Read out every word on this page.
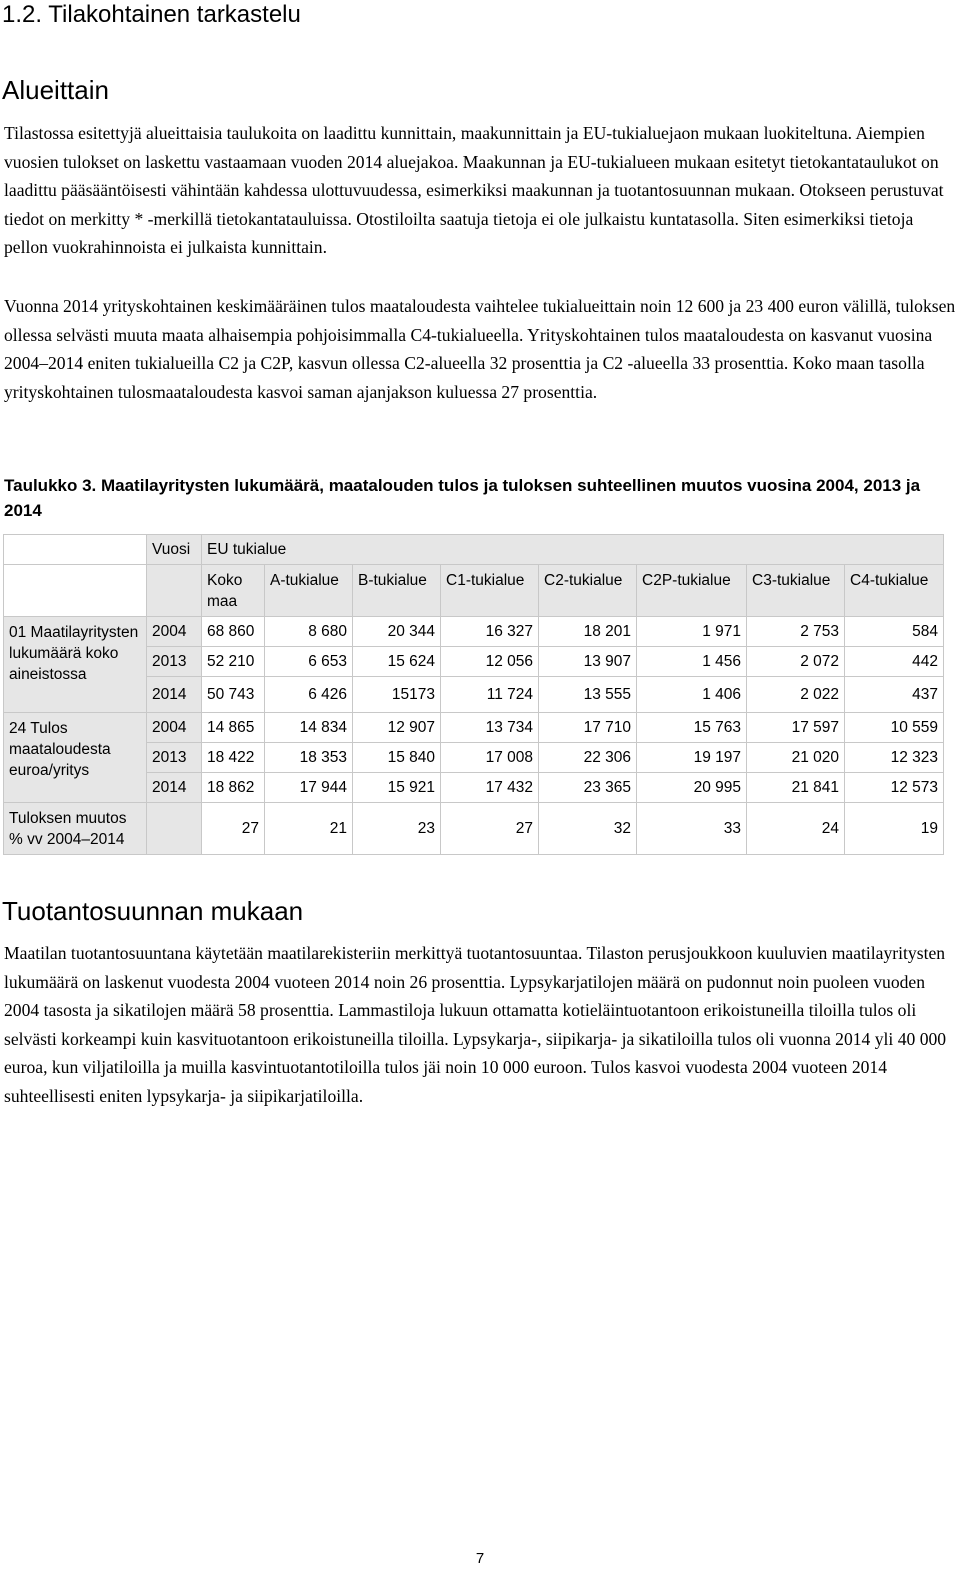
1.2. Tilakohtainen tarkastelu
Alueittain

Tilastossa esitettyjä alueittaisia taulukoita on laadittu kunnittain, maakunnittain ja EU-tukialuejaon mukaan luokiteltuna. Aiempien vuosien tulokset on laskettu vastaamaan vuoden 2014 aluejakoa. Maakunnan ja EU-tukialueen mukaan esitetyt tietokantataulukot on laadittu pääsääntöisesti vähintään kahdessa ulottuvuudessa, esimerkiksi maakunnan ja tuotantosuunnan mukaan. Otokseen perustuvat tiedot on merkitty * -merkillä tietokantatauluissa. Otostiloilta saatuja tietoja ei ole julkaistu kuntatasolla. Siten esimerkiksi tietoja pellon vuokrahinnoista ei julkaista kunnittain.

Vuonna 2014 yrityskohtainen keskimääräinen tulos maataloudesta vaihtelee tukialueittain noin 12 600 ja 23 400 euron välillä, tuloksen ollessa selvästi muuta maata alhaisempia pohjoisimmalla C4-tukialueella. Yrityskohtainen tulos maataloudesta on kasvanut vuosina 2004–2014 eniten tukialueilla C2 ja C2P, kasvun ollessa C2-alueella 32 prosenttia ja C2 -alueella 33 prosenttia. Koko maan tasolla yrityskohtainen tulosmaataloudesta kasvoi saman ajanjakson kuluessa 27 prosenttia.

Taulukko 3. Maatilayritysten lukumäärä, maatalouden tulos ja tuloksen suhteellinen muutos vuosina 2004, 2013 ja 2014

	Vuosi	EU tukialue							
		Koko maa	A-tukialue	B-tukialue	C1-tukialue	C2-tukialue	C2P-tukialue	C3-tukialue	C4-tukialue
01 Maatilayritysten lukumäärä koko aineistossa	2004	68 860	8 680	20 344	16 327	18 201	1 971	2 753	584
	2013	52 210	6 653	15 624	12 056	13 907	1 456	2 072	442
	2014	50 743	6 426	15173	11 724	13 555	1 406	2 022	437
24 Tulos maataloudesta euroa/yritys	2004	14 865	14 834	12 907	13 734	17 710	15 763	17 597	10 559
	2013	18 422	18 353	15 840	17 008	22 306	19 197	21 020	12 323
	2014	18 862	17 944	15 921	17 432	23 365	20 995	21 841	12 573
Tuloksen muutos % vv 2004–2014		27	21	23	27	32	33	24	19
Tuotantosuunnan mukaan

Maatilan tuotantosuuntana käytetään maatilarekisteriin merkittyä tuotantosuuntaa. Tilaston perusjoukkoon kuuluvien maatilayritysten lukumäärä on laskenut vuodesta 2004 vuoteen 2014 noin 26 prosenttia. Lypsykarjatilojen määrä on pudonnut noin puoleen vuoden 2004 tasosta ja sikatilojen määrä 58 prosenttia. Lammastiloja lukuun ottamatta kotieläintuotantoon erikoistuneilla tiloilla tulos oli selvästi korkeampi kuin kasvituotantoon erikoistuneilla tiloilla. Lypsykarja-, siipikarja- ja sikatiloilla tulos oli vuonna 2014 yli 40 000 euroa, kun viljatiloilla ja muilla kasvintuotantotiloilla tulos jäi noin 10 000 euroon. Tulos kasvoi vuodesta 2004 vuoteen 2014 suhteellisesti eniten lypsykarja- ja siipikarjatiloilla.

7
